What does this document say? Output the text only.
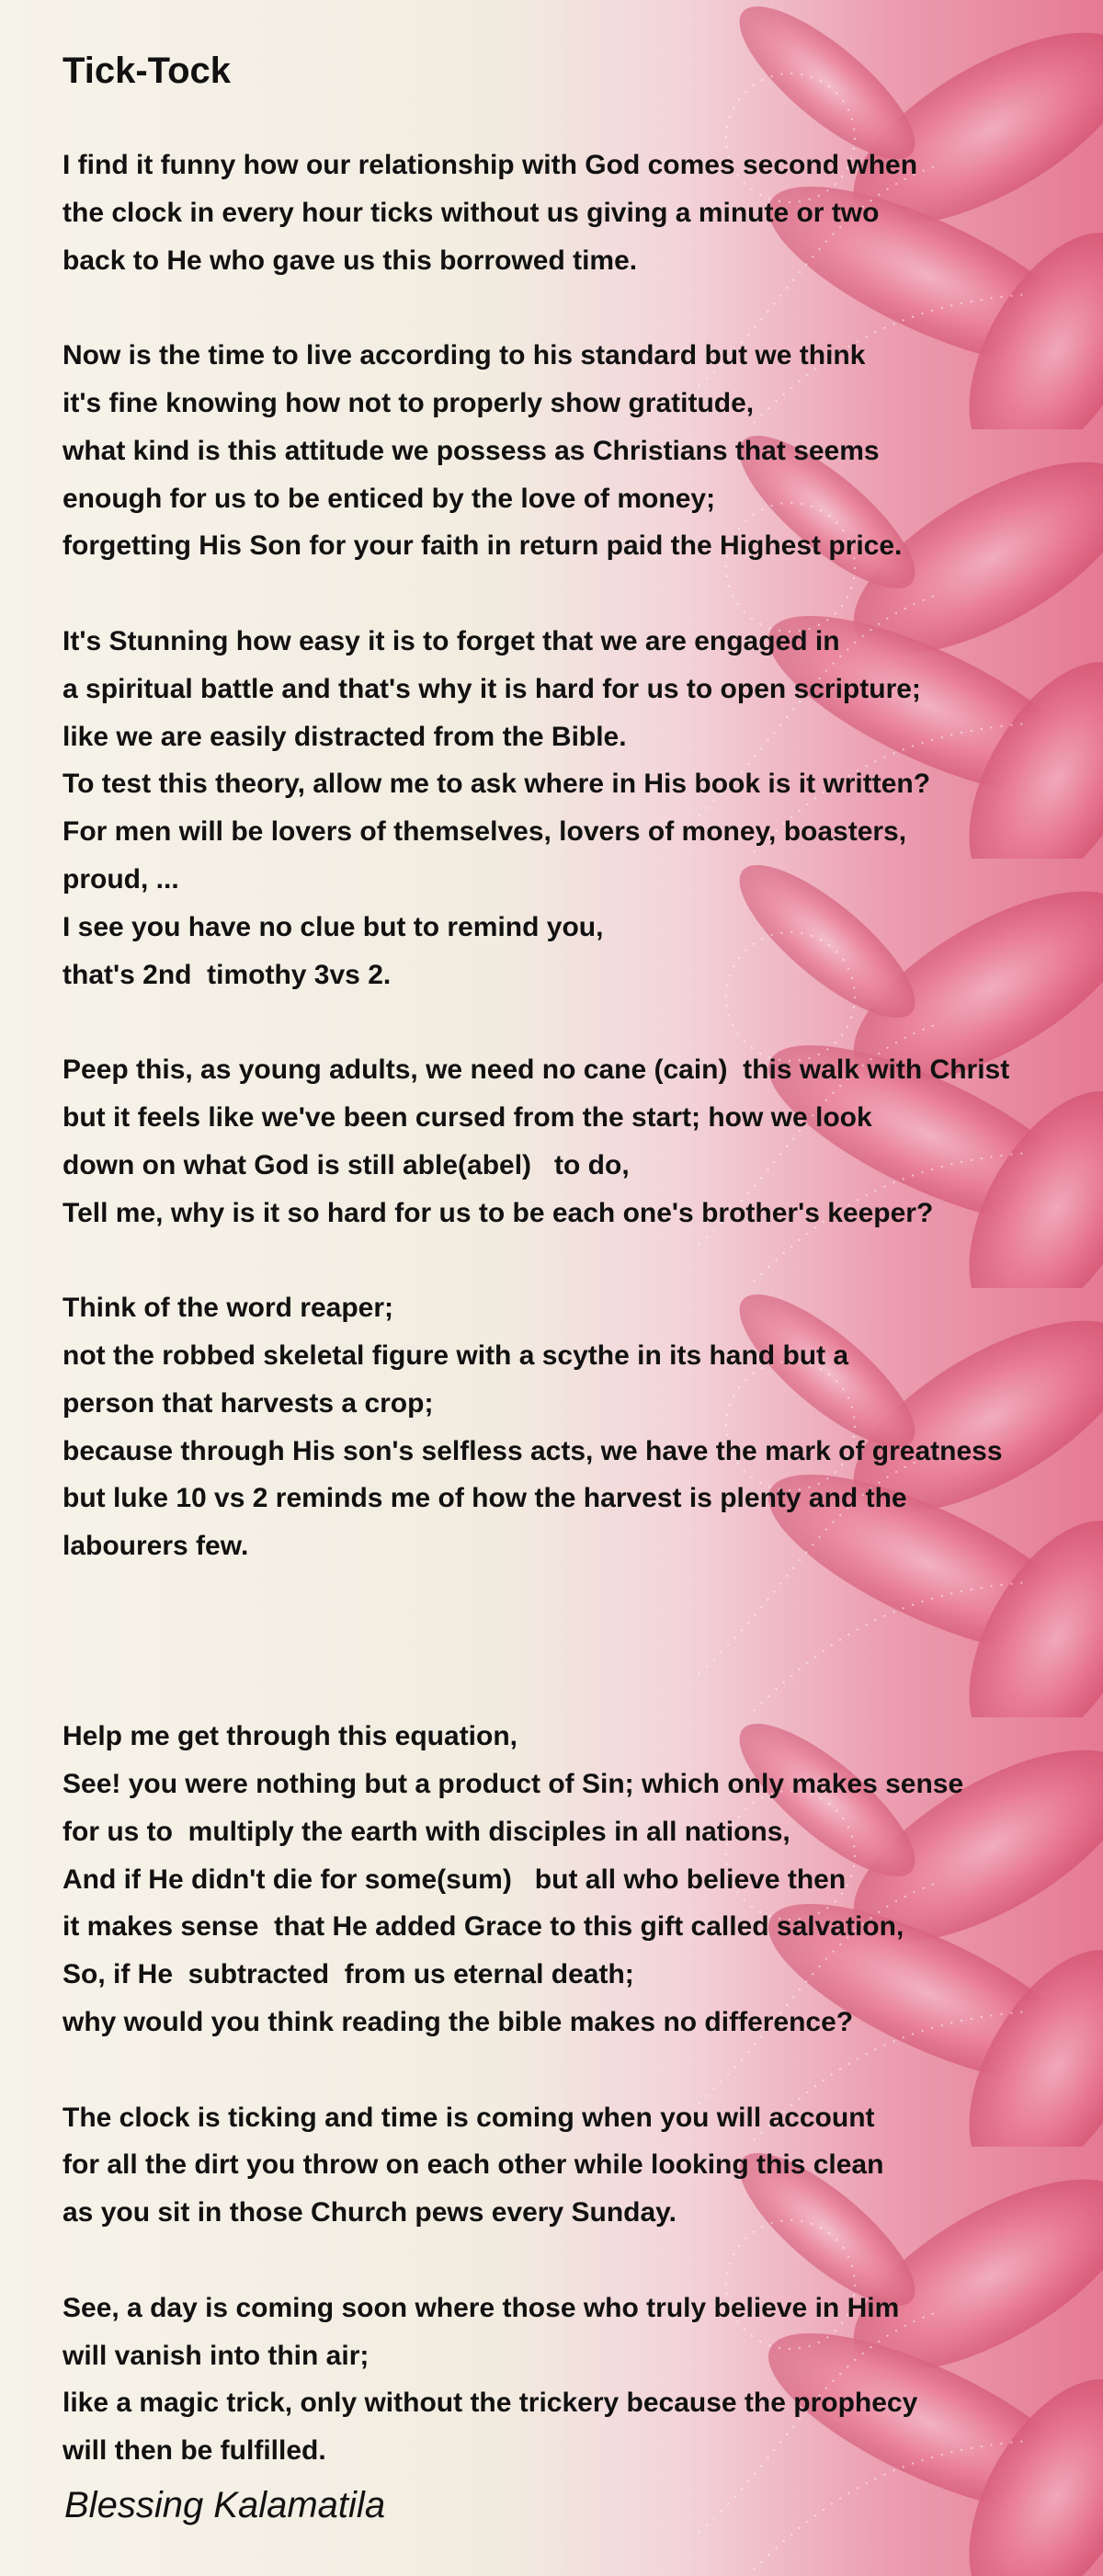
Tick-Tock
I find it funny how our relationship with God comes second when
the clock in every hour ticks without us giving a minute or two
back to He who gave us this borrowed time.
Now is the time to live according to his standard but we think
it's fine knowing how not to properly show gratitude,
what kind is this attitude we possess as Christians that seems
enough for us to be enticed by the love of money;
forgetting His Son for your faith in return paid the Highest price.
It's Stunning how easy it is to forget that we are engaged in
a spiritual battle and that's why it is hard for us to open scripture;
like we are easily distracted from the Bible.
To test this theory, allow me to ask where in His book is it written?
For men will be lovers of themselves, lovers of money, boasters,
proud, ...
I see you have no clue but to remind you,
that's 2nd  timothy 3vs 2.
Peep this, as young adults, we need no cane (cain)  this walk with Christ
but it feels like we've been cursed from the start; how we look
down on what God is still able(abel)   to do,
Tell me, why is it so hard for us to be each one's brother's keeper?
Think of the word reaper;
not the robbed skeletal figure with a scythe in its hand but a
person that harvests a crop;
because through His son's selfless acts, we have the mark of greatness
but luke 10 vs 2 reminds me of how the harvest is plenty and the
labourers few.
Help me get through this equation,
See! you were nothing but a product of Sin; which only makes sense
for us to  multiply the earth with disciples in all nations,
And if He didn't die for some(sum)   but all who believe then
it makes sense  that He added Grace to this gift called salvation,
So, if He  subtracted  from us eternal death;
why would you think reading the bible makes no difference?
The clock is ticking and time is coming when you will account
for all the dirt you throw on each other while looking this clean
as you sit in those Church pews every Sunday.
See, a day is coming soon where those who truly believe in Him
will vanish into thin air;
like a magic trick, only without the trickery because the prophecy
will then be fulfilled.
Blessing Kalamatila
